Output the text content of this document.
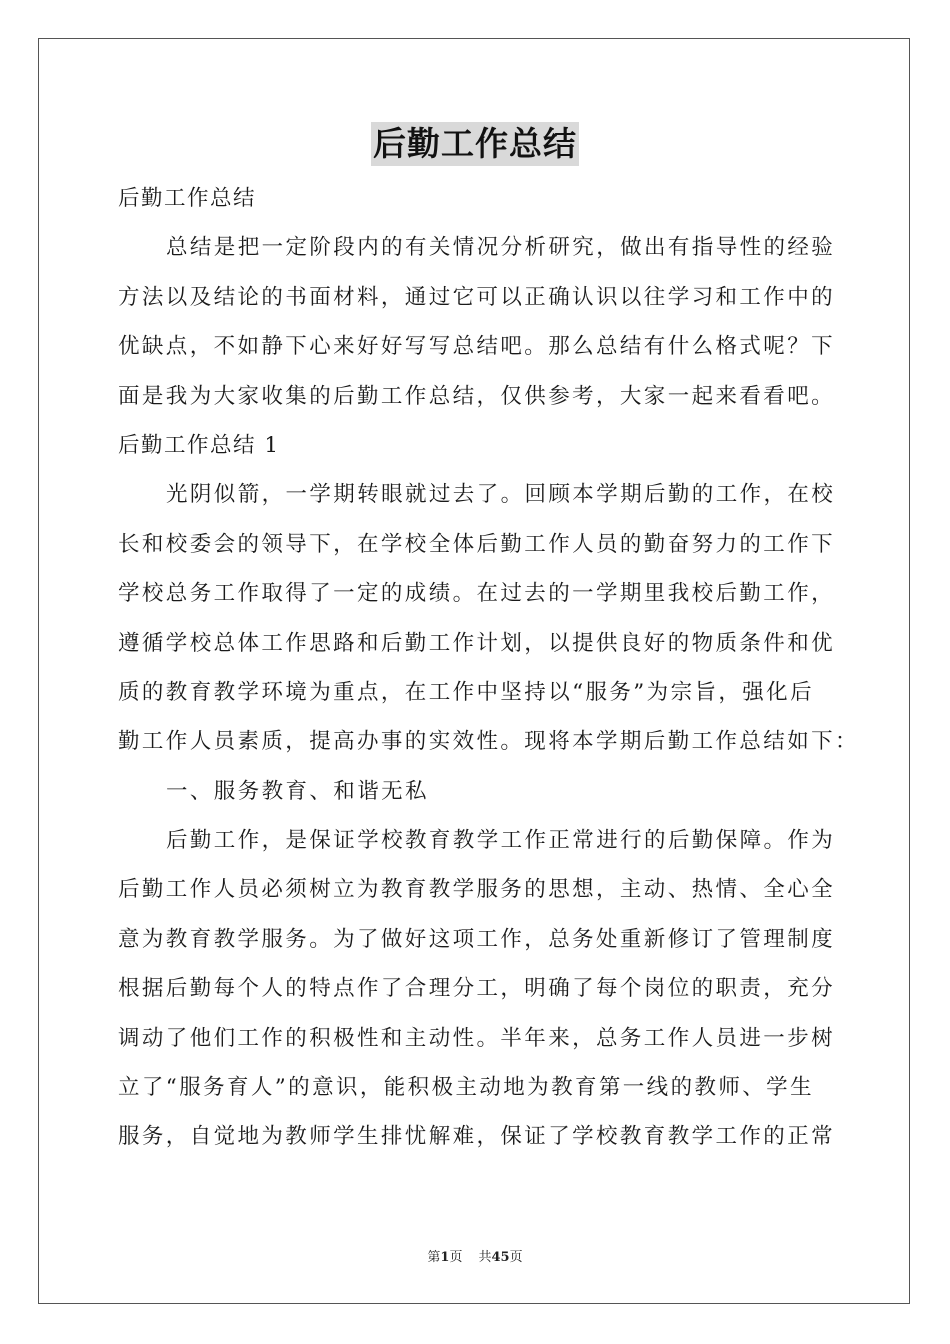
后勤工作总结
后勤工作总结
总结是把一定阶段内的有关情况分析研究，做出有指导性的经验
方法以及结论的书面材料，通过它可以正确认识以往学习和工作中的
优缺点，不如静下心来好好写写总结吧。那么总结有什么格式呢？下
面是我为大家收集的后勤工作总结，仅供参考，大家一起来看看吧。
后勤工作总结 1
光阴似箭，一学期转眼就过去了。回顾本学期后勤的工作，在校
长和校委会的领导下，在学校全体后勤工作人员的勤奋努力的工作下
学校总务工作取得了一定的成绩。在过去的一学期里我校后勤工作，
遵循学校总体工作思路和后勤工作计划，以提供良好的物质条件和优
质的教育教学环境为重点，在工作中坚持以“服务”为宗旨，强化后
勤工作人员素质，提高办事的实效性。现将本学期后勤工作总结如下：
一、服务教育、和谐无私
后勤工作，是保证学校教育教学工作正常进行的后勤保障。作为
后勤工作人员必须树立为教育教学服务的思想，主动、热情、全心全
意为教育教学服务。为了做好这项工作，总务处重新修订了管理制度
根据后勤每个人的特点作了合理分工，明确了每个岗位的职责，充分
调动了他们工作的积极性和主动性。半年来，总务工作人员进一步树
立了“服务育人”的意识，能积极主动地为教育第一线的教师、学生
服务，自觉地为教师学生排忧解难，保证了学校教育教学工作的正常
第1页 共45页
